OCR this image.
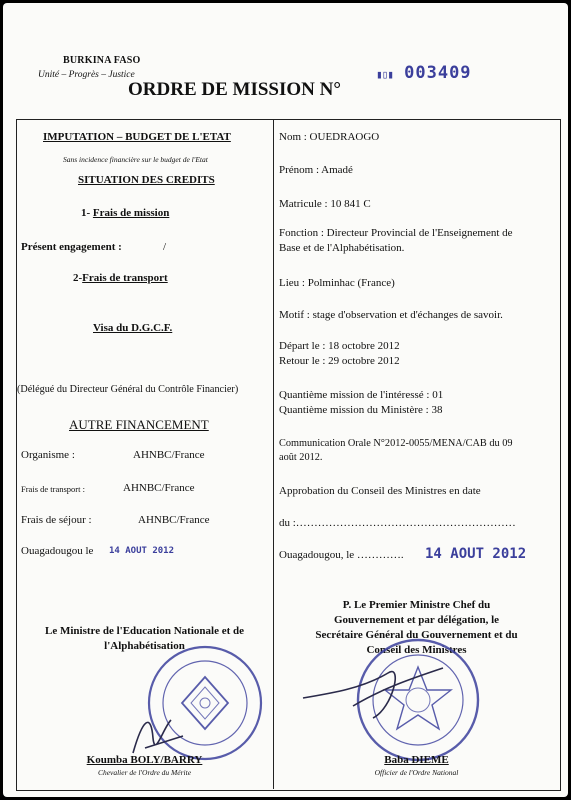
BURKINA FASO
Unité – Progrès – Justice
ORDRE DE MISSION N°
▮▯▮ 003409
IMPUTATION – BUDGET DE L'ETAT
Sans incidence financière sur le budget de l'Etat
SITUATION DES CREDITS
1- Frais de mission
Présent engagement :	/
2-Frais de transport
Visa du D.G.C.F.
(Délégué du Directeur Général du Contrôle Financier)
AUTRE FINANCEMENT
Organisme :	AHNBC/France
Frais de transport :	AHNBC/France
Frais de séjour :	AHNBC/France
Ouagadougou le 14 AOUT 2012
Le Ministre de l'Education Nationale et de
l'Alphabétisation
Koumba BOLY/BARRY
Chevalier de l'Ordre du Mérite
Nom : OUEDRAOGO
Prénom : Amadé
Matricule : 10 841 C
Fonction : Directeur Provincial de l'Enseignement de
Base et de l'Alphabétisation.
Lieu : Polminhac (France)
Motif : stage d'observation et d'échanges de savoir.
Départ le : 18 octobre 2012
Retour le : 29 octobre 2012
Quantième mission de l'intéressé : 01
Quantième mission du Ministère : 38
Communication Orale N°2012-0055/MENA/CAB du 09
août 2012.
Approbation du Conseil des Ministres en date
du :……………………………………………………
Ouagadougou, le …………. 14 AOUT 2012
P. Le Premier Ministre Chef du
Gouvernement et par délégation, le
Secrétaire Général du Gouvernement et du
Conseil des Ministres
Baba DIEME
Officier de l'Ordre National
